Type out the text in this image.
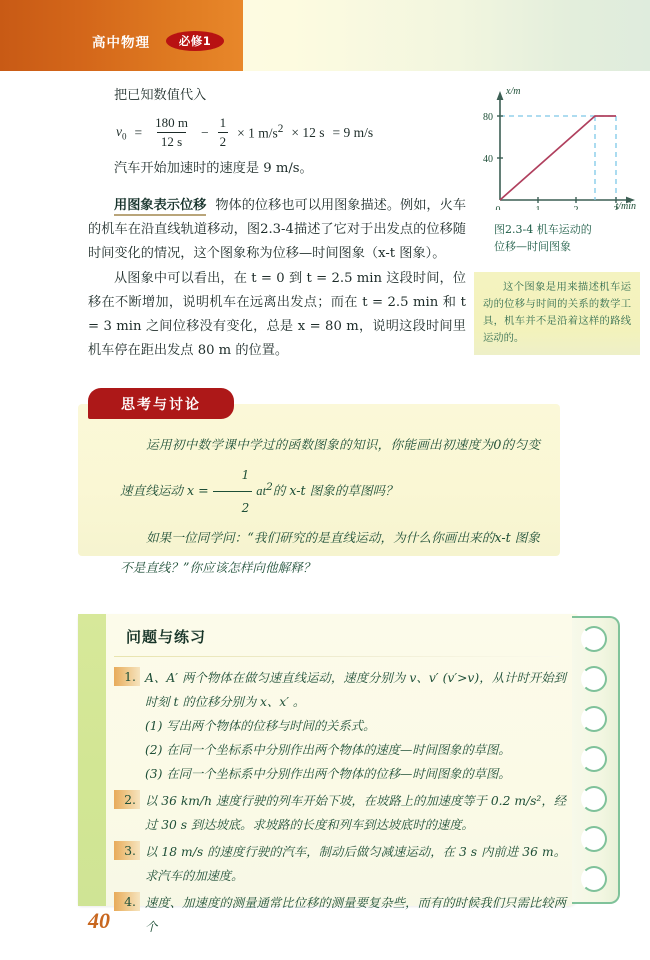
高中物理 必修1

把已知数值代入

$v_0 = \frac{180 m}{12 s} - \frac{1}{2} \times 1$ $m/s^2 \times 12$ s = 9 m/s

汽车开始加速时的速度是 9 m/s。

用图象表示位移 物体的位移也可以用图象描述。例如，火车的机车在沿直线轨道移动，图2.3-4描述了它对于出发点的位移随时间变化的情况，这个图象称为位移—时间图象（x-t 图象）。

从图象中可以看出，在 t = 0 到 t = 2.5 min 这段时间，位移在不断增加，说明机车在远离出发点；而在 t = 2.5 min 和 t = 3 min 之间位移没有变化，总是 x = 80 m，说明这段时间里机车停在距出发点 80 m 的位置。

x/m
t/min
80
40
图2.3-4 机车运动的
位移—时间图象
这个图象是用来描述机车运动的位移与时间的关系的数学工具，机车并不是沿着这样的路线运动的。
思考与讨论

运用初中数学课中学过的函数图象的知识，你能画出初速度为0的匀变速直线运动 $x = \frac{1}{2} at^2$的 x-t 图象的草图吗？

如果一位同学问：“我们研究的是直线运动，为什么你画出来的x-t 图象不是直线？”你应该怎样向他解释？

问题与练习
1. A、A′ 两个物体在做匀速直线运动，速度分别为 v、v′ (v′>v)，从计时开始到时刻 t 的位移分别为 x、x′ 。
(1) 写出两个物体的位移与时间的关系式。
(2) 在同一个坐标系中分别作出两个物体的速度—时间图象的草图。
(3) 在同一个坐标系中分别作出两个物体的位移—时间图象的草图。
2. 以 36 km/h 速度行驶的列车开始下坡，在坡路上的加速度等于 0.2 m/s²，经过 30 s 到达坡底。求坡路的长度和列车到达坡底时的速度。
3. 以 18 m/s 的速度行驶的汽车，制动后做匀减速运动，在 3 s 内前进 36 m。求汽车的加速度。
4. 速度、加速度的测量通常比位移的测量要复杂些，而有的时候我们只需比较两个
40
